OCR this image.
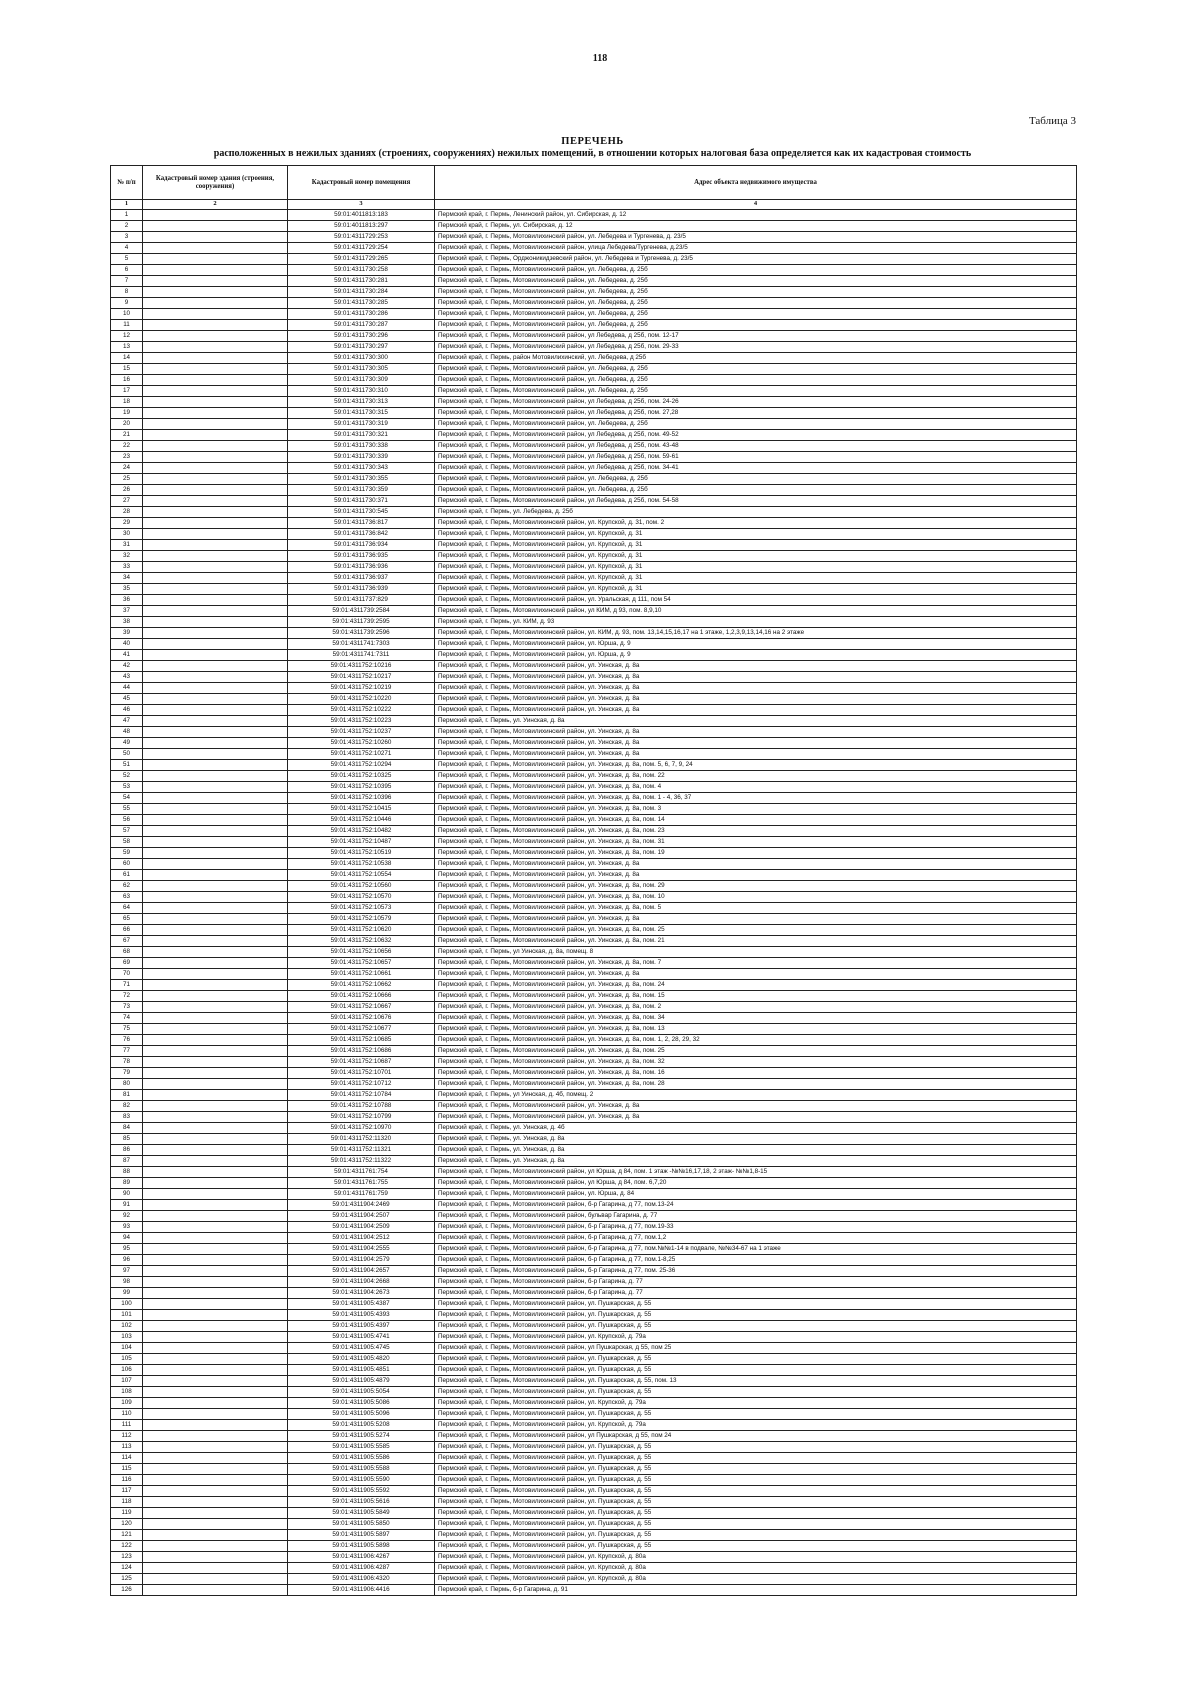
118
Таблица 3
ПЕРЕЧЕНЬ
расположенных в нежилых зданиях (строениях, сооружениях) нежилых помещений, в отношении которых налоговая база определяется как их кадастровая стоимость
№ п/п	Кадастровый номер здания (строения, сооружения)	Кадастровый номер помещения	Адрес объекта недвижимого имущества
1	2	3	4
1		59:01:4011813:183	Пермский край, г. Пермь, Ленинский район, ул. Сибирская, д. 12
2		59:01:4011813:297	Пермский край, г. Пермь, ул. Сибирская, д. 12
3		59:01:4311729:253	Пермский край, г. Пермь, Мотовилихинский район, ул. Лебедева и Тургенева, д. 23/5
4		59:01:4311729:254	Пермский край, г. Пермь, Мотовилихинский район, улица Лебедева/Тургенева, д.23/5
5		59:01:4311729:265	Пермский край, г. Пермь, Орджоникидзевский район, ул. Лебедева и Тургенева, д. 23/5
6		59:01:4311730:258	Пермский край, г. Пермь, Мотовилихинский район, ул. Лебедева, д. 25б
7		59:01:4311730:281	Пермский край, г. Пермь, Мотовилихинский район, ул. Лебедева, д. 25б
8		59:01:4311730:284	Пермский край, г. Пермь, Мотовилихинский район, ул. Лебедева, д. 25б
9		59:01:4311730:285	Пермский край, г. Пермь, Мотовилихинский район, ул. Лебедева, д. 25б
10		59:01:4311730:286	Пермский край, г. Пермь, Мотовилихинский район, ул. Лебедева, д. 25б
11		59:01:4311730:287	Пермский край, г. Пермь, Мотовилихинский район, ул. Лебедева, д. 25б
12		59:01:4311730:296	Пермский край, г. Пермь, Мотовилихинский район, ул Лебедева, д 25б, пом. 12-17
13		59:01:4311730:297	Пермский край, г. Пермь, Мотовилихинский район, ул Лебедева, д 25б, пом. 29-33
14		59:01:4311730:300	Пермский край, г. Пермь, район Мотовилихинский, ул. Лебедева, д 25б
15		59:01:4311730:305	Пермский край, г. Пермь, Мотовилихинский район, ул. Лебедева, д. 25б
16		59:01:4311730:309	Пермский край, г. Пермь, Мотовилихинский район, ул. Лебедева, д. 25б
17		59:01:4311730:310	Пермский край, г. Пермь, Мотовилихинский район, ул. Лебедева, д. 25б
18		59:01:4311730:313	Пермский край, г. Пермь, Мотовилихинский район, ул Лебедева, д 25б, пом. 24-26
19		59:01:4311730:315	Пермский край, г. Пермь, Мотовилихинский район, ул Лебедева, д 25б, пом. 27,28
20		59:01:4311730:319	Пермский край, г. Пермь, Мотовилихинский район, ул. Лебедева, д. 25б
21		59:01:4311730:321	Пермский край, г. Пермь, Мотовилихинский район, ул Лебедева, д 25б, пом. 49-52
22		59:01:4311730:338	Пермский край, г. Пермь, Мотовилихинский район, ул Лебедева, д 25б, пом. 43-48
23		59:01:4311730:339	Пермский край, г. Пермь, Мотовилихинский район, ул Лебедева, д 25б, пом. 59-61
24		59:01:4311730:343	Пермский край, г. Пермь, Мотовилихинский район, ул Лебедева, д 25б, пом. 34-41
25		59:01:4311730:355	Пермский край, г. Пермь, Мотовилихинский район, ул. Лебедева, д. 25б
26		59:01:4311730:359	Пермский край, г. Пермь, Мотовилихинский район, ул. Лебедева, д. 25б
27		59:01:4311730:371	Пермский край, г. Пермь, Мотовилихинский район, ул Лебедева, д 25б, пом. 54-58
28		59:01:4311730:545	Пермский край, г. Пермь, ул. Лебедева, д. 25б
29		59:01:4311736:817	Пермский край, г. Пермь, Мотовилихинский район, ул. Крупской, д. 31, пом. 2
30		59:01:4311736:842	Пермский край, г. Пермь, Мотовилихинский район, ул. Крупской, д. 31
31		59:01:4311736:934	Пермский край, г. Пермь, Мотовилихинский район, ул. Крупской, д. 31
32		59:01:4311736:935	Пермский край, г. Пермь, Мотовилихинский район, ул. Крупской, д. 31
33		59:01:4311736:936	Пермский край, г. Пермь, Мотовилихинский район, ул. Крупской, д. 31
34		59:01:4311736:937	Пермский край, г. Пермь, Мотовилихинский район, ул. Крупской, д. 31
35		59:01:4311736:939	Пермский край, г. Пермь, Мотовилихинский район, ул. Крупской, д. 31
36		59:01:4311737:829	Пермский край, г. Пермь, Мотовилихинский район, ул. Уральская, д 111, пом 54
37		59:01:4311739:2584	Пермский край, г. Пермь, Мотовилихинский район, ул КИМ, д 93, пом. 8,9,10
38		59:01:4311739:2595	Пермский край, г. Пермь, ул. КИМ, д. 93
39		59:01:4311739:2596	Пермский край, г. Пермь, Мотовилихинский район, ул. КИМ, д. 93, пом. 13,14,15,16,17 на 1 этаже, 1,2,3,9,13,14,16 на 2 этаже
40		59:01:4311741:7303	Пермский край, г. Пермь, Мотовилихинский район, ул. Юрша, д. 9
41		59:01:4311741:7311	Пермский край, г. Пермь, Мотовилихинский район, ул. Юрша, д. 9
42		59:01:4311752:10216	Пермский край, г. Пермь, Мотовилихинский район, ул. Уинская, д. 8а
43		59:01:4311752:10217	Пермский край, г. Пермь, Мотовилихинский район, ул. Уинская, д. 8а
44		59:01:4311752:10219	Пермский край, г. Пермь, Мотовилихинский район, ул. Уинская, д. 8а
45		59:01:4311752:10220	Пермский край, г. Пермь, Мотовилихинский район, ул. Уинская, д. 8а
46		59:01:4311752:10222	Пермский край, г. Пермь, Мотовилихинский район, ул. Уинская, д. 8а
47		59:01:4311752:10223	Пермский край, г. Пермь, ул. Уинская, д. 8а
48		59:01:4311752:10237	Пермский край, г. Пермь, Мотовилихинский район, ул. Уинская, д. 8а
49		59:01:4311752:10260	Пермский край, г. Пермь, Мотовилихинский район, ул. Уинская, д. 8а
50		59:01:4311752:10271	Пермский край, г. Пермь, Мотовилихинский район, ул. Уинская, д. 8а
51		59:01:4311752:10294	Пермский край, г. Пермь, Мотовилихинский район, ул. Уинская, д. 8а, пом. 5, 6, 7, 9, 24
52		59:01:4311752:10325	Пермский край, г. Пермь, Мотовилихинский район, ул. Уинская, д. 8а, пом. 22
53		59:01:4311752:10395	Пермский край, г. Пермь, Мотовилихинский район, ул. Уинская, д. 8а, пом. 4
54		59:01:4311752:10396	Пермский край, г. Пермь, Мотовилихинский район, ул. Уинская, д. 8а, пом. 1 - 4, 36, 37
55		59:01:4311752:10415	Пермский край, г. Пермь, Мотовилихинский район, ул. Уинская, д. 8а, пом. 3
56		59:01:4311752:10446	Пермский край, г. Пермь, Мотовилихинский район, ул. Уинская, д. 8а, пом. 14
57		59:01:4311752:10482	Пермский край, г. Пермь, Мотовилихинский район, ул. Уинская, д. 8а, пом. 23
58		59:01:4311752:10487	Пермский край, г. Пермь, Мотовилихинский район, ул. Уинская, д. 8а, пом. 31
59		59:01:4311752:10519	Пермский край, г. Пермь, Мотовилихинский район, ул. Уинская, д. 8а, пом. 19
60		59:01:4311752:10538	Пермский край, г. Пермь, Мотовилихинский район, ул. Уинская, д. 8а
61		59:01:4311752:10554	Пермский край, г. Пермь, Мотовилихинский район, ул. Уинская, д. 8а
62		59:01:4311752:10560	Пермский край, г. Пермь, Мотовилихинский район, ул. Уинская, д. 8а, пом. 29
63		59:01:4311752:10570	Пермский край, г. Пермь, Мотовилихинский район, ул. Уинская, д. 8а, пом. 10
64		59:01:4311752:10573	Пермский край, г. Пермь, Мотовилихинский район, ул. Уинская, д. 8а, пом. 5
65		59:01:4311752:10579	Пермский край, г. Пермь, Мотовилихинский район, ул. Уинская, д. 8а
66		59:01:4311752:10620	Пермский край, г. Пермь, Мотовилихинский район, ул. Уинская, д. 8а, пом. 25
67		59:01:4311752:10632	Пермский край, г. Пермь, Мотовилихинский район, ул. Уинская, д. 8а, пом. 21
68		59:01:4311752:10656	Пермский край, г. Пермь, ул Уинская, д. 8а, помещ. 8
69		59:01:4311752:10657	Пермский край, г. Пермь, Мотовилихинский район, ул. Уинская, д. 8а, пом. 7
70		59:01:4311752:10661	Пермский край, г. Пермь, Мотовилихинский район, ул. Уинская, д. 8а
71		59:01:4311752:10662	Пермский край, г. Пермь, Мотовилихинский район, ул. Уинская, д. 8а, пом. 24
72		59:01:4311752:10666	Пермский край, г. Пермь, Мотовилихинский район, ул. Уинская, д. 8а, пом. 15
73		59:01:4311752:10667	Пермский край, г. Пермь, Мотовилихинский район, ул. Уинская, д. 8а, пом. 2
74		59:01:4311752:10676	Пермский край, г. Пермь, Мотовилихинский район, ул. Уинская, д. 8а, пом. 34
75		59:01:4311752:10677	Пермский край, г. Пермь, Мотовилихинский район, ул. Уинская, д. 8а, пом. 13
76		59:01:4311752:10685	Пермский край, г. Пермь, Мотовилихинский район, ул. Уинская, д. 8а, пом. 1, 2, 28, 29, 32
77		59:01:4311752:10686	Пермский край, г. Пермь, Мотовилихинский район, ул. Уинская, д. 8а, пом. 25
78		59:01:4311752:10687	Пермский край, г. Пермь, Мотовилихинский район, ул. Уинская, д. 8а, пом. 32
79		59:01:4311752:10701	Пермский край, г. Пермь, Мотовилихинский район, ул. Уинская, д. 8а, пом. 16
80		59:01:4311752:10712	Пермский край, г. Пермь, Мотовилихинский район, ул. Уинская, д. 8а, пом. 28
81		59:01:4311752:10784	Пермский край, г. Пермь, ул Уинская, д. 4б, помещ. 2
82		59:01:4311752:10788	Пермский край, г. Пермь, Мотовилихинский район, ул. Уинская, д. 8а
83		59:01:4311752:10799	Пермский край, г. Пермь, Мотовилихинский район, ул. Уинская, д. 8а
84		59:01:4311752:10970	Пермский край, г. Пермь, ул. Уинская, д. 4б
85		59:01:4311752:11320	Пермский край, г. Пермь, ул. Уинская, д. 8а
86		59:01:4311752:11321	Пермский край, г. Пермь, ул. Уинская, д. 8а
87		59:01:4311752:11322	Пермский край, г. Пермь, ул. Уинская, д. 8а
88		59:01:4311761:754	Пермский край, г. Пермь, Мотовилихинский район, ул Юрша, д 84, пом. 1 этаж -№№16,17,18, 2 этаж- №№1,8-15
89		59:01:4311761:755	Пермский край, г. Пермь, Мотовилихинский район, ул Юрша, д 84, пом. 6,7,20
90		59:01:4311761:759	Пермский край, г. Пермь, Мотовилихинский район, ул. Юрша, д. 84
91		59:01:4311904:2469	Пермский край, г. Пермь, Мотовилихинский район, б-р Гагарина, д 77, пом.13-24
92		59:01:4311904:2507	Пермский край, г. Пермь, Мотовилихинский район, бульвар Гагарина, д. 77
93		59:01:4311904:2509	Пермский край, г. Пермь, Мотовилихинский район, б-р Гагарина, д 77, пом.19-33
94		59:01:4311904:2512	Пермский край, г. Пермь, Мотовилихинский район, б-р Гагарина, д 77, пом.1,2
95		59:01:4311904:2555	Пермский край, г. Пермь, Мотовилихинский район, б-р Гагарина, д 77, пом.№№1-14 в подвале, №№34-67 на 1 этаже
96		59:01:4311904:2579	Пермский край, г. Пермь, Мотовилихинский район, б-р Гагарина, д 77, пом.1-8,25
97		59:01:4311904:2657	Пермский край, г. Пермь, Мотовилихинский район, б-р Гагарина, д 77, пом. 25-36
98		59:01:4311904:2668	Пермский край, г. Пермь, Мотовилихинский район, б-р Гагарина, д. 77
99		59:01:4311904:2673	Пермский край, г. Пермь, Мотовилихинский район, б-р Гагарина, д. 77
100		59:01:4311905:4387	Пермский край, г. Пермь, Мотовилихинский район, ул. Пушкарская, д. 55
101		59:01:4311905:4393	Пермский край, г. Пермь, Мотовилихинский район, ул. Пушкарская, д. 55
102		59:01:4311905:4397	Пермский край, г. Пермь, Мотовилихинский район, ул. Пушкарская, д. 55
103		59:01:4311905:4741	Пермский край, г. Пермь, Мотовилихинский район, ул. Крупской, д. 79а
104		59:01:4311905:4745	Пермский край, г. Пермь, Мотовилихинский район, ул Пушкарская, д 55, пом 25
105		59:01:4311905:4820	Пермский край, г. Пермь, Мотовилихинский район, ул. Пушкарская, д. 55
106		59:01:4311905:4851	Пермский край, г. Пермь, Мотовилихинский район, ул. Пушкарская, д. 55
107		59:01:4311905:4879	Пермский край, г. Пермь, Мотовилихинский район, ул. Пушкарская, д. 55, пом. 13
108		59:01:4311905:5054	Пермский край, г. Пермь, Мотовилихинский район, ул. Пушкарская, д. 55
109		59:01:4311905:5086	Пермский край, г. Пермь, Мотовилихинский район, ул. Крупской, д. 79а
110		59:01:4311905:5096	Пермский край, г. Пермь, Мотовилихинский район, ул. Пушкарская, д. 55
111		59:01:4311905:5208	Пермский край, г. Пермь, Мотовилихинский район, ул. Крупской, д. 79а
112		59:01:4311905:5274	Пермский край, г. Пермь, Мотовилихинский район, ул Пушкарская, д 55, пом 24
113		59:01:4311905:5585	Пермский край, г. Пермь, Мотовилихинский район, ул. Пушкарская, д. 55
114		59:01:4311905:5586	Пермский край, г. Пермь, Мотовилихинский район, ул. Пушкарская, д. 55
115		59:01:4311905:5588	Пермский край, г. Пермь, Мотовилихинский район, ул. Пушкарская, д. 55
116		59:01:4311905:5590	Пермский край, г. Пермь, Мотовилихинский район, ул. Пушкарская, д. 55
117		59:01:4311905:5592	Пермский край, г. Пермь, Мотовилихинский район, ул. Пушкарская, д. 55
118		59:01:4311905:5616	Пермский край, г. Пермь, Мотовилихинский район, ул. Пушкарская, д. 55
119		59:01:4311905:5849	Пермский край, г. Пермь, Мотовилихинский район, ул. Пушкарская, д. 55
120		59:01:4311905:5850	Пермский край, г. Пермь, Мотовилихинский район, ул. Пушкарская, д. 55
121		59:01:4311905:5897	Пермский край, г. Пермь, Мотовилихинский район, ул. Пушкарская, д. 55
122		59:01:4311905:5898	Пермский край, г. Пермь, Мотовилихинский район, ул. Пушкарская, д. 55
123		59:01:4311906:4267	Пермский край, г. Пермь, Мотовилихинский район, ул. Крупской, д. 80а
124		59:01:4311906:4287	Пермский край, г. Пермь, Мотовилихинский район, ул. Крупской, д. 80а
125		59:01:4311906:4320	Пермский край, г. Пермь, Мотовилихинский район, ул. Крупской, д. 80а
126		59:01:4311906:4416	Пермский край, г. Пермь, б-р Гагарина, д. 91
